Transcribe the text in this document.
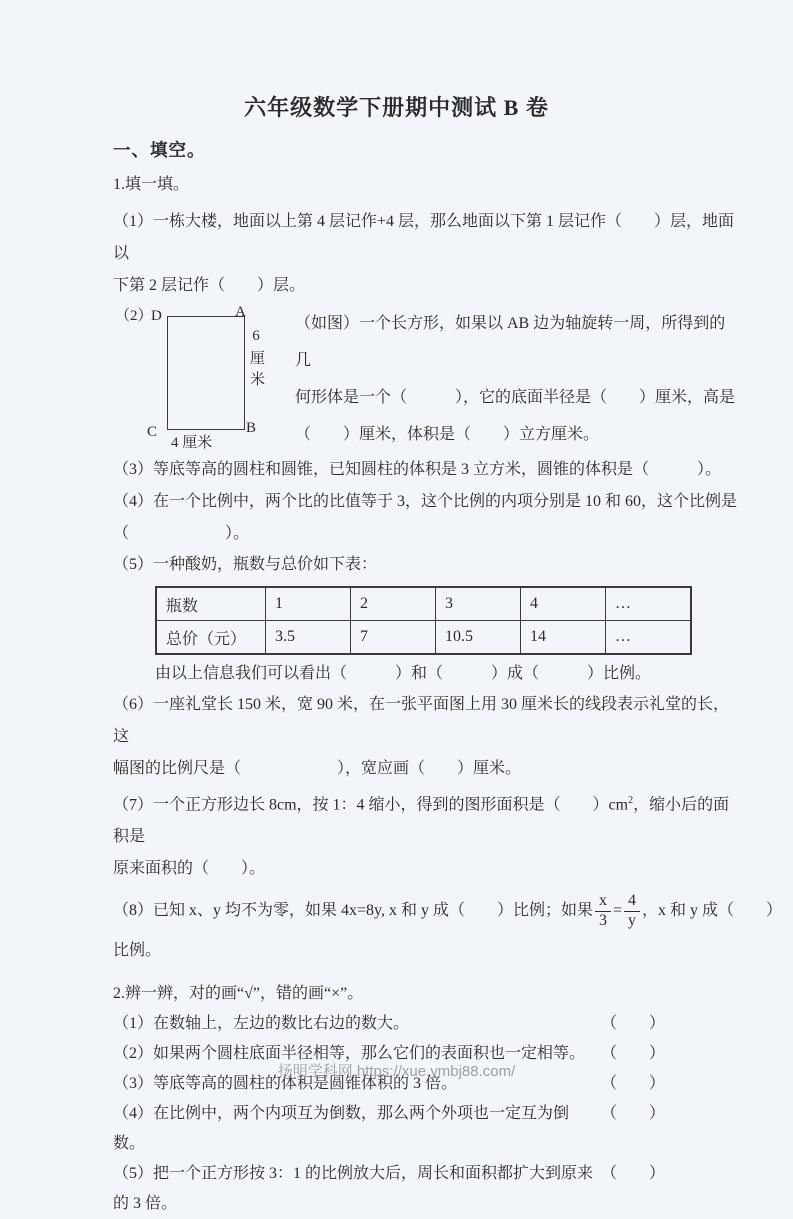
六年级数学下册期中测试 B 卷
一、填空。
1.填一填。

（1）一栋大楼，地面以上第 4 层记作+4 层，那么地面以下第 1 层记作（　　）层，地面以
下第 2 层记作（　　）层。

（2）
D	A
C	B
6厘米
4 厘米
（如图）一个长方形，如果以 AB 边为轴旋转一周，所得到的几
何形体是一个（　　　），它的底面半径是（　　）厘米，高是
（　　）厘米，体积是（　　）立方厘米。

（3）等底等高的圆柱和圆锥，已知圆柱的体积是 3 立方米，圆锥的体积是（　　　）。

（4）在一个比例中，两个比的比值等于 3，这个比例的内项分别是 10 和 60，这个比例是
（　　　　　　）。

（5）一种酸奶，瓶数与总价如下表：

瓶数	1	2	3	4	…
总价（元）	3.5	7	10.5	14	…
由以上信息我们可以看出（　　　）和（　　　）成（　　　）比例。

（6）一座礼堂长 150 米，宽 90 米，在一张平面图上用 30 厘米长的线段表示礼堂的长，这
幅图的比例尺是（　　　　　　），宽应画（　　）厘米。

（7）一个正方形边长 8cm，按 1：4 缩小，得到的图形面积是（　　）$cm^2$，缩小后的面积是
原来面积的（　　）。

（8）已知 x、y 均不为零，如果 4x=8y, x 和 y 成（　　）比例；如果 $\frac{x}{3} = \frac{4}{y}$ ，x 和 y 成（　　）

比例。

2.辨一辨，对的画“√”，错的画“×”。
（1）在数轴上，左边的数比右边的数大。	（　　）
（2）如果两个圆柱底面半径相等，那么它们的表面积也一定相等。 （　　）
（3）等底等高的圆柱的体积是圆锥体积的 3 倍。	（　　）
（4）在比例中，两个内项互为倒数，那么两个外项也一定互为倒数。
（　　）
（5）把一个正方形按 3：1 的比例放大后，周长和面积都扩大到原来的 3 倍。
（　　）
扬明学科网 https://xue.ymbj88.com/
